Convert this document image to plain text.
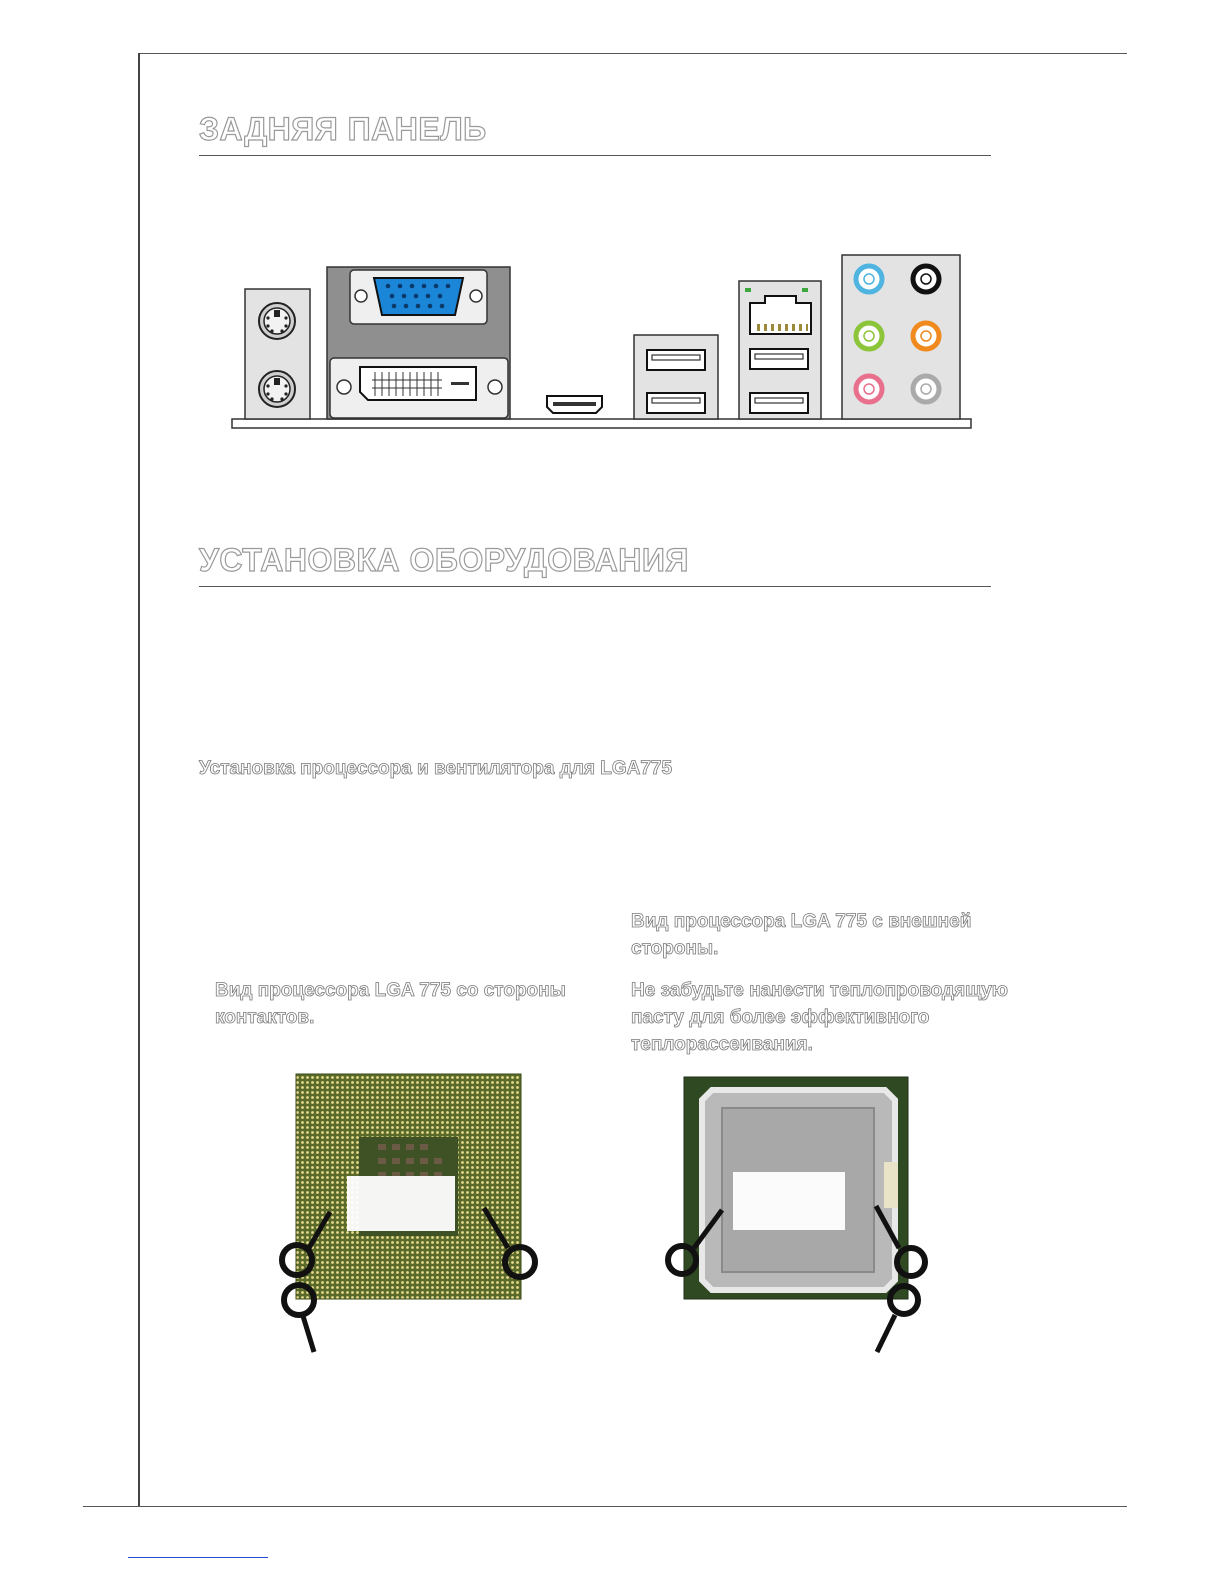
ЗАДНЯЯ ПАНЕЛЬ
УСТАНОВКА ОБОРУДОВАНИЯ

Установка процессора и вентилятора для LGA775

Вид процессора LGA 775 со стороны контактов.

Вид процессора LGA 775 с внешней стороны.

Не забудьте нанести теплопроводящую пасту для более эффективного теплорассеивания.
